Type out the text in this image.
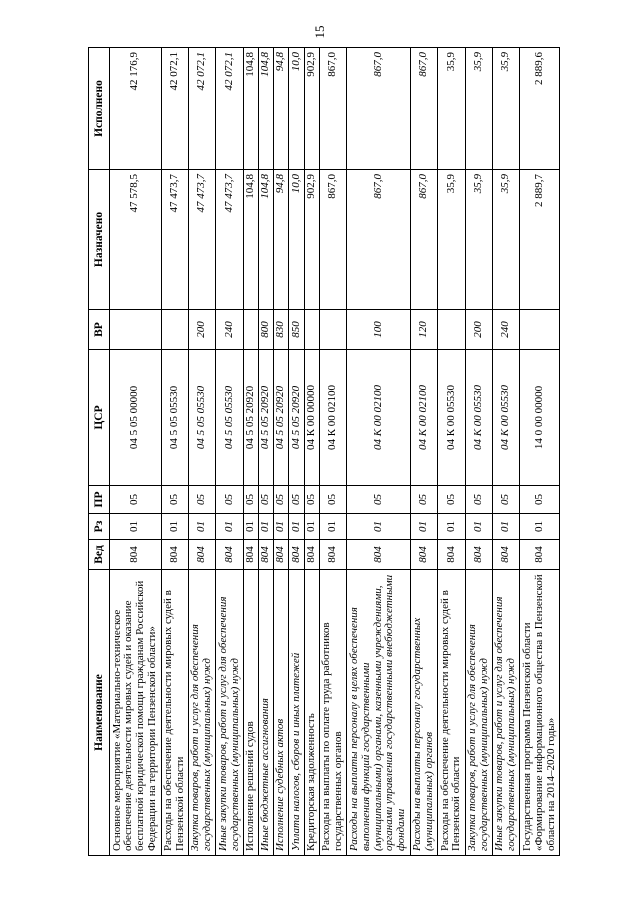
15
Наименование	Вед	Рз	ПР	ЦСР	ВР	Назначено	Исполнено
Основное мероприятие «Материально-техническое обеспечение деятельности мировых судей и оказание бесплатной юридической помощи гражданам Российской Федерации на территории Пензенской области»	804	01	05	04 5 05 00000		47 578,5	42 176,9
Расходы на обеспечение деятельности мировых судей в Пензенской области	804	01	05	04 5 05 05530		47 473,7	42 072,1
Закупка товаров, работ и услуг для обеспечения государственных (муниципальных) нужд	804	01	05	04 5 05 05530	200	47 473,7	42 072,1
Иные закупки товаров, работ и услуг для обеспечения государственных (муниципальных) нужд	804	01	05	04 5 05 05530	240	47 473,7	42 072,1
Исполнение решений судов	804	01	05	04 5 05 20920		104,8	104,8
Иные бюджетные ассигнования	804	01	05	04 5 05 20920	800	104,8	104,8
Исполнение судебных актов	804	01	05	04 5 05 20920	830	94,8	94,8
Уплата налогов, сборов и иных платежей	804	01	05	04 5 05 20920	850	10,0	10,0
Кредиторская задолженность	804	01	05	04 К 00 00000		902,9	902,9
Расходы на выплаты по оплате труда работников государственных органов	804	01	05	04 К 00 02100		867,0	867,0
Расходы на выплаты персоналу в целях обеспечения выполнения функций государственными (муниципальными) органами, казенными учреждениями, органами управления государственными внебюджетными фондами	804	01	05	04 К 00 02100	100	867,0	867,0
Расходы на выплаты персоналу государственных (муниципальных) органов	804	01	05	04 К 00 02100	120	867,0	867,0
Расходы на обеспечение деятельности мировых судей в Пензенской области	804	01	05	04 К 00 05530		35,9	35,9
Закупка товаров, работ и услуг для обеспечения государственных (муниципальных) нужд	804	01	05	04 К 00 05530	200	35,9	35,9
Иные закупки товаров, работ и услуг для обеспечения государственных (муниципальных) нужд	804	01	05	04 К 00 05530	240	35,9	35,9
Государственная программа Пензенской области «Формирование информационного общества в Пензенской области на 2014–2020 годы»	804	01	05	14 0 00 00000		2 889,7	2 889,6
